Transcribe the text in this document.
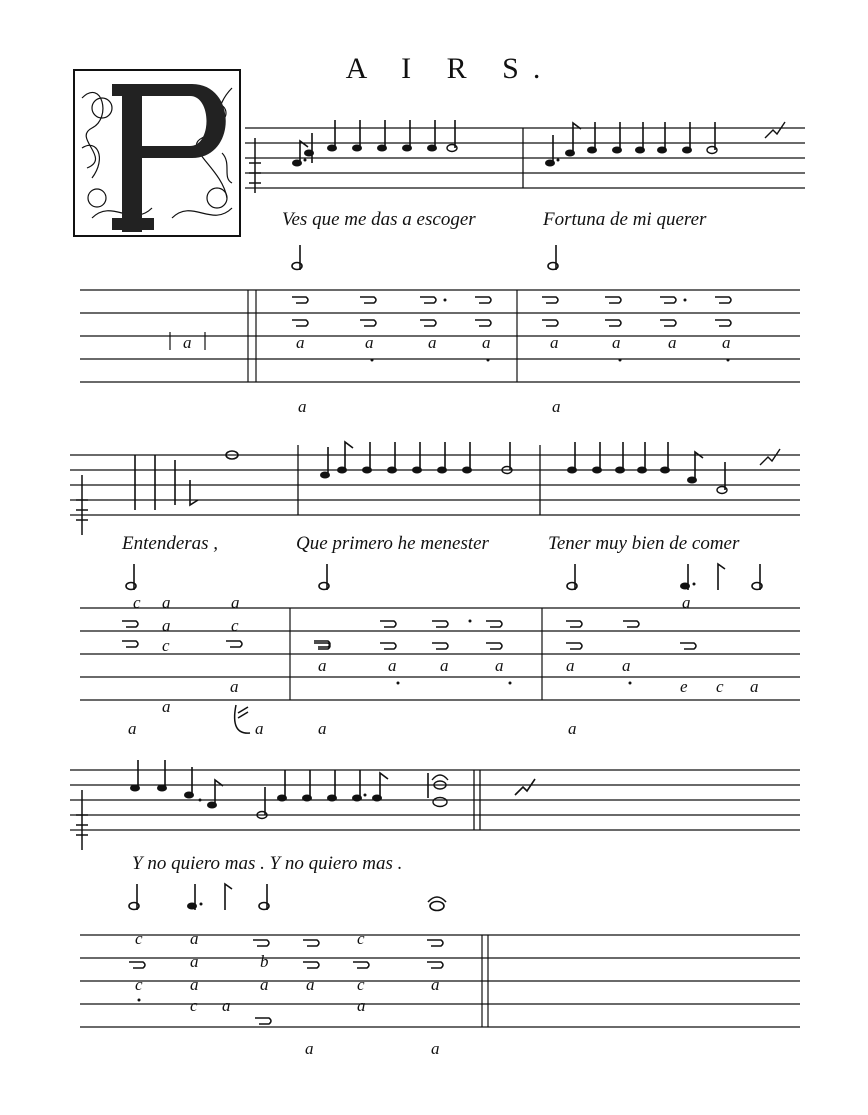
A I R S.
Ves que me das a escoger	Fortuna de mi querer
a	a	a	a	a	a	a	a	a
a	a
Entenderas ,	Que primero he menester	Tener muy bien de comer
c a	a	a
a	c
c
a	a	a	a	a	a
a	e c a
a
a	a	a	a
Y no quiero mas . Y no quiero mas .
c	a	c
a	b
c	a	a a	c	a
c a	a
a	a
